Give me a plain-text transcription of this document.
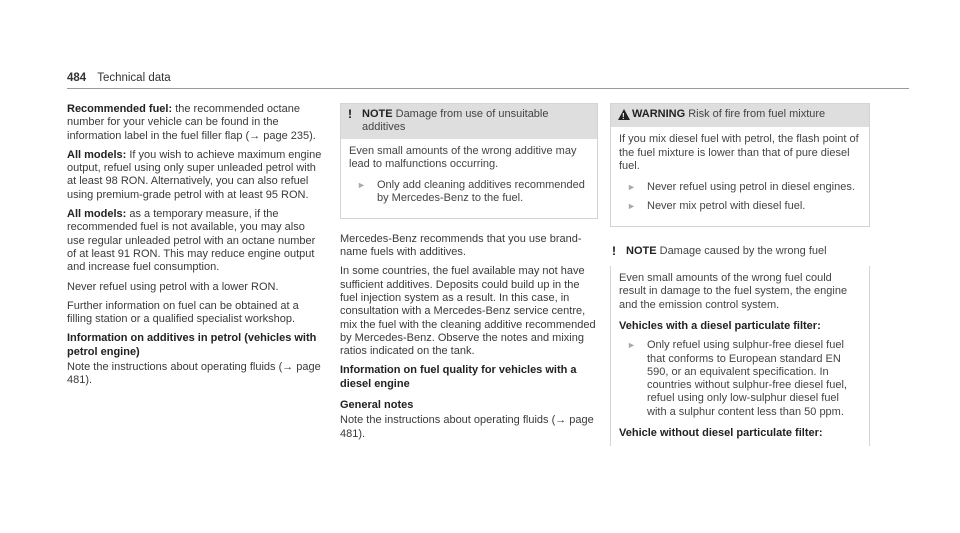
484 Technical data

Recommended fuel: the recommended octane number for your vehicle can be found in the information label in the fuel filler flap (→ page 235).

All models: If you wish to achieve maximum engine output, refuel using only super unleaded petrol with at least 98 RON. Alternatively, you can also refuel using premium-grade petrol with at least 95 RON.

All models: as a temporary measure, if the recommended fuel is not available, you may also use regular unleaded petrol with an octane number of at least 91 RON. This may reduce engine output and increase fuel consumption.

Never refuel using petrol with a lower RON.

Further information on fuel can be obtained at a filling station or a qualified specialist workshop.

Information on additives in petrol (vehicles with petrol engine)

Note the instructions about operating fluids (→ page 481).

! NOTE Damage from use of unsuitable additives

Even small amounts of the wrong additive may lead to malfunctions occurring.

►	Only add cleaning additives recommended by Mercedes-Benz to the fuel.

Mercedes-Benz recommends that you use brand-name fuels with additives.

In some countries, the fuel available may not have sufficient additives. Deposits could build up in the fuel injection system as a result. In this case, in consultation with a Mercedes-Benz service centre, mix the fuel with the cleaning additive recommended by Mercedes-Benz. Observe the notes and mixing ratios indicated on the tank.

Information on fuel quality for vehicles with a diesel engine
General notes

Note the instructions about operating fluids (→ page 481).

!
WARNING Risk of fire from fuel mixture

If you mix diesel fuel with petrol, the flash point of the fuel mixture is lower than that of pure diesel fuel.

►	Never refuel using petrol in diesel engines.
►	Never mix petrol with diesel fuel.
! NOTE Damage caused by the wrong fuel

Even small amounts of the wrong fuel could result in damage to the fuel system, the engine and the emission control system.

Vehicles with a diesel particulate filter:
►	Only refuel using sulphur-free diesel fuel that conforms to European standard EN 590, or an equivalent specification. In countries without sulphur-free diesel fuel, refuel using only low-sulphur diesel fuel with a sulphur content less than 50 ppm.
Vehicle without diesel particulate filter:
